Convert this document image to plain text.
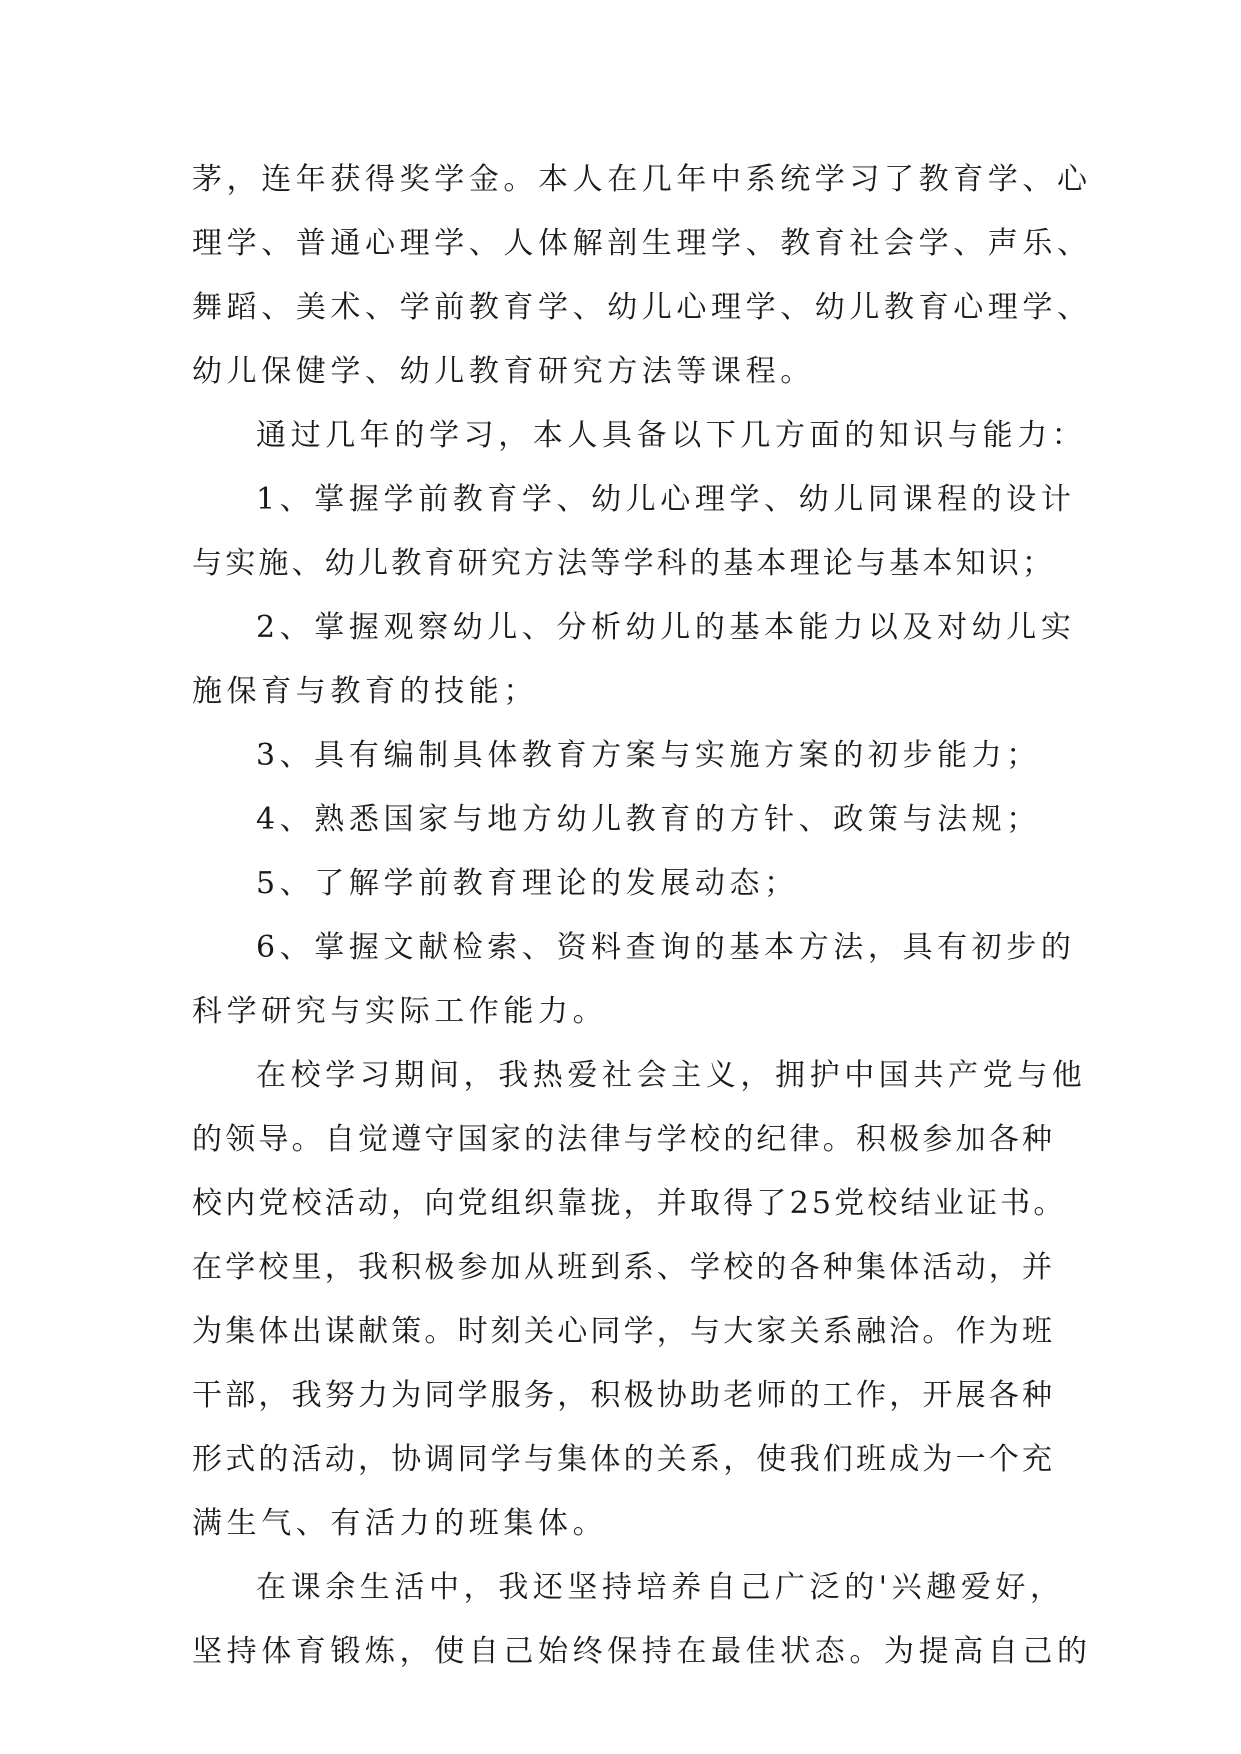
茅，连年获得奖学金。本人在几年中系统学习了教育学、心
理学、普通心理学、人体解剖生理学、教育社会学、声乐、
舞蹈、美术、学前教育学、幼儿心理学、幼儿教育心理学、
幼儿保健学、幼儿教育研究方法等课程。
通过几年的学习，本人具备以下几方面的知识与能力：
1、掌握学前教育学、幼儿心理学、幼儿同课程的设计
与实施、幼儿教育研究方法等学科的基本理论与基本知识；
2、掌握观察幼儿、分析幼儿的基本能力以及对幼儿实
施保育与教育的技能；
3、具有编制具体教育方案与实施方案的初步能力；
4、熟悉国家与地方幼儿教育的方针、政策与法规；
5、了解学前教育理论的发展动态；
6、掌握文献检索、资料查询的基本方法，具有初步的
科学研究与实际工作能力。
在校学习期间，我热爱社会主义，拥护中国共产党与他
的领导。自觉遵守国家的法律与学校的纪律。积极参加各种
校内党校活动，向党组织靠拢，并取得了25党校结业证书。
在学校里，我积极参加从班到系、学校的各种集体活动，并
为集体出谋献策。时刻关心同学，与大家关系融洽。作为班
干部，我努力为同学服务，积极协助老师的工作，开展各种
形式的活动，协调同学与集体的关系，使我们班成为一个充
满生气、有活力的班集体。
在课余生活中，我还坚持培养自己广泛的'兴趣爱好，
坚持体育锻炼，使自己始终保持在最佳状态。为提高自己的
